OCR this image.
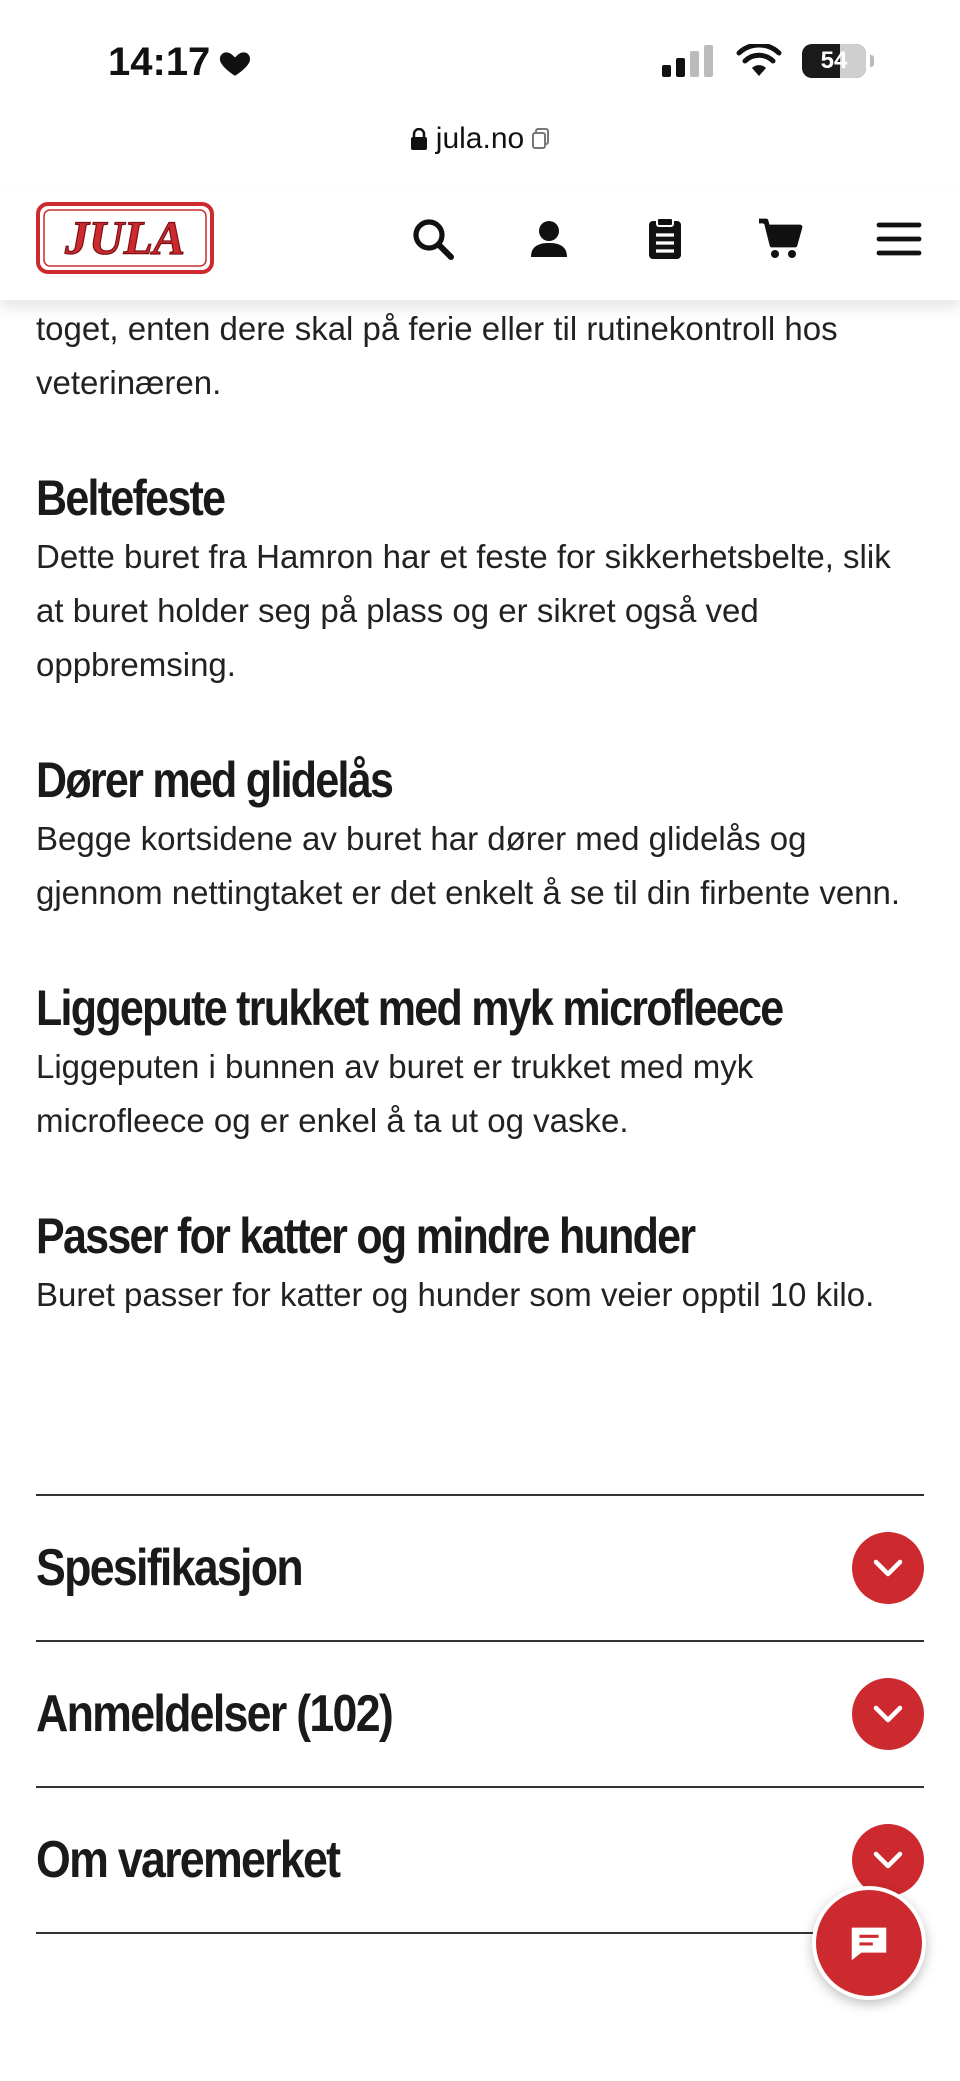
14:17	54
jula.no
JULA

toget, enten dere skal på ferie eller til rutinekontroll hos veterinæren.

Beltefeste

Dette buret fra Hamron har et feste for sikkerhetsbelte, slik at buret holder seg på plass og er sikret også ved oppbremsing.

Dører med glidelås

Begge kortsidene av buret har dører med glidelås og gjennom nettingtaket er det enkelt å se til din firbente venn.

Liggepute trukket med myk microfleece

Liggeputen i bunnen av buret er trukket med myk microfleece og er enkel å ta ut og vaske.

Passer for katter og mindre hunder

Buret passer for katter og hunder som veier opptil 10 kilo.

Spesifikasjon
Anmeldelser (102)
Om varemerket
